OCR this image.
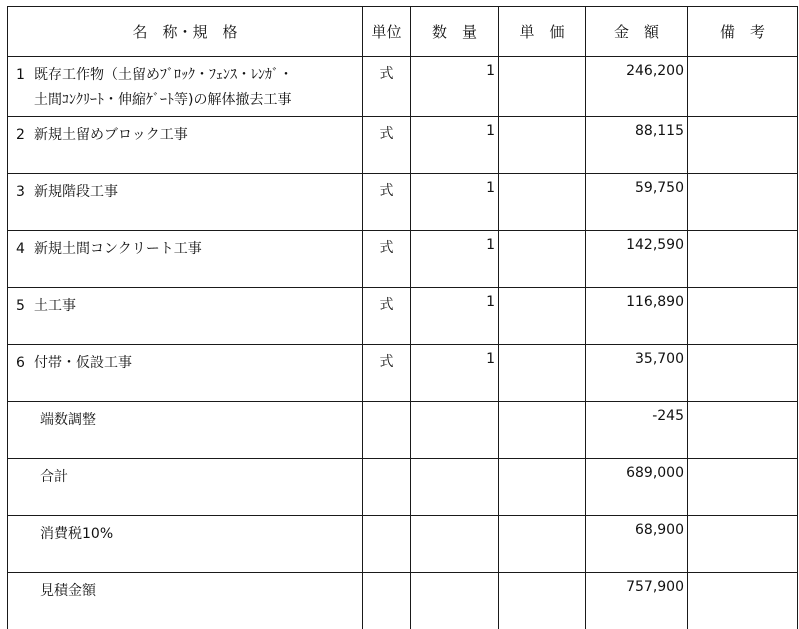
名　称・規　格	単位	数　量	単　価	金　額	備　考
1 既存工作物（土留めﾌﾞﾛｯｸ・ﾌｪﾝｽ・ﾚﾝｶﾞ・
土間ｺﾝｸﾘｰﾄ・伸縮ｹﾞｰﾄ等)の解体撤去工事	式	1		246,200	
2 新規土留めブロック工事	式	1		88,115	
3 新規階段工事	式	1		59,750	
4 新規土間コンクリート工事	式	1		142,590	
5 土工事	式	1		116,890	
6 付帯・仮設工事	式	1		35,700	
端数調整				-245	
合計				689,000	
消費税10%				68,900	
見積金額				757,900	
